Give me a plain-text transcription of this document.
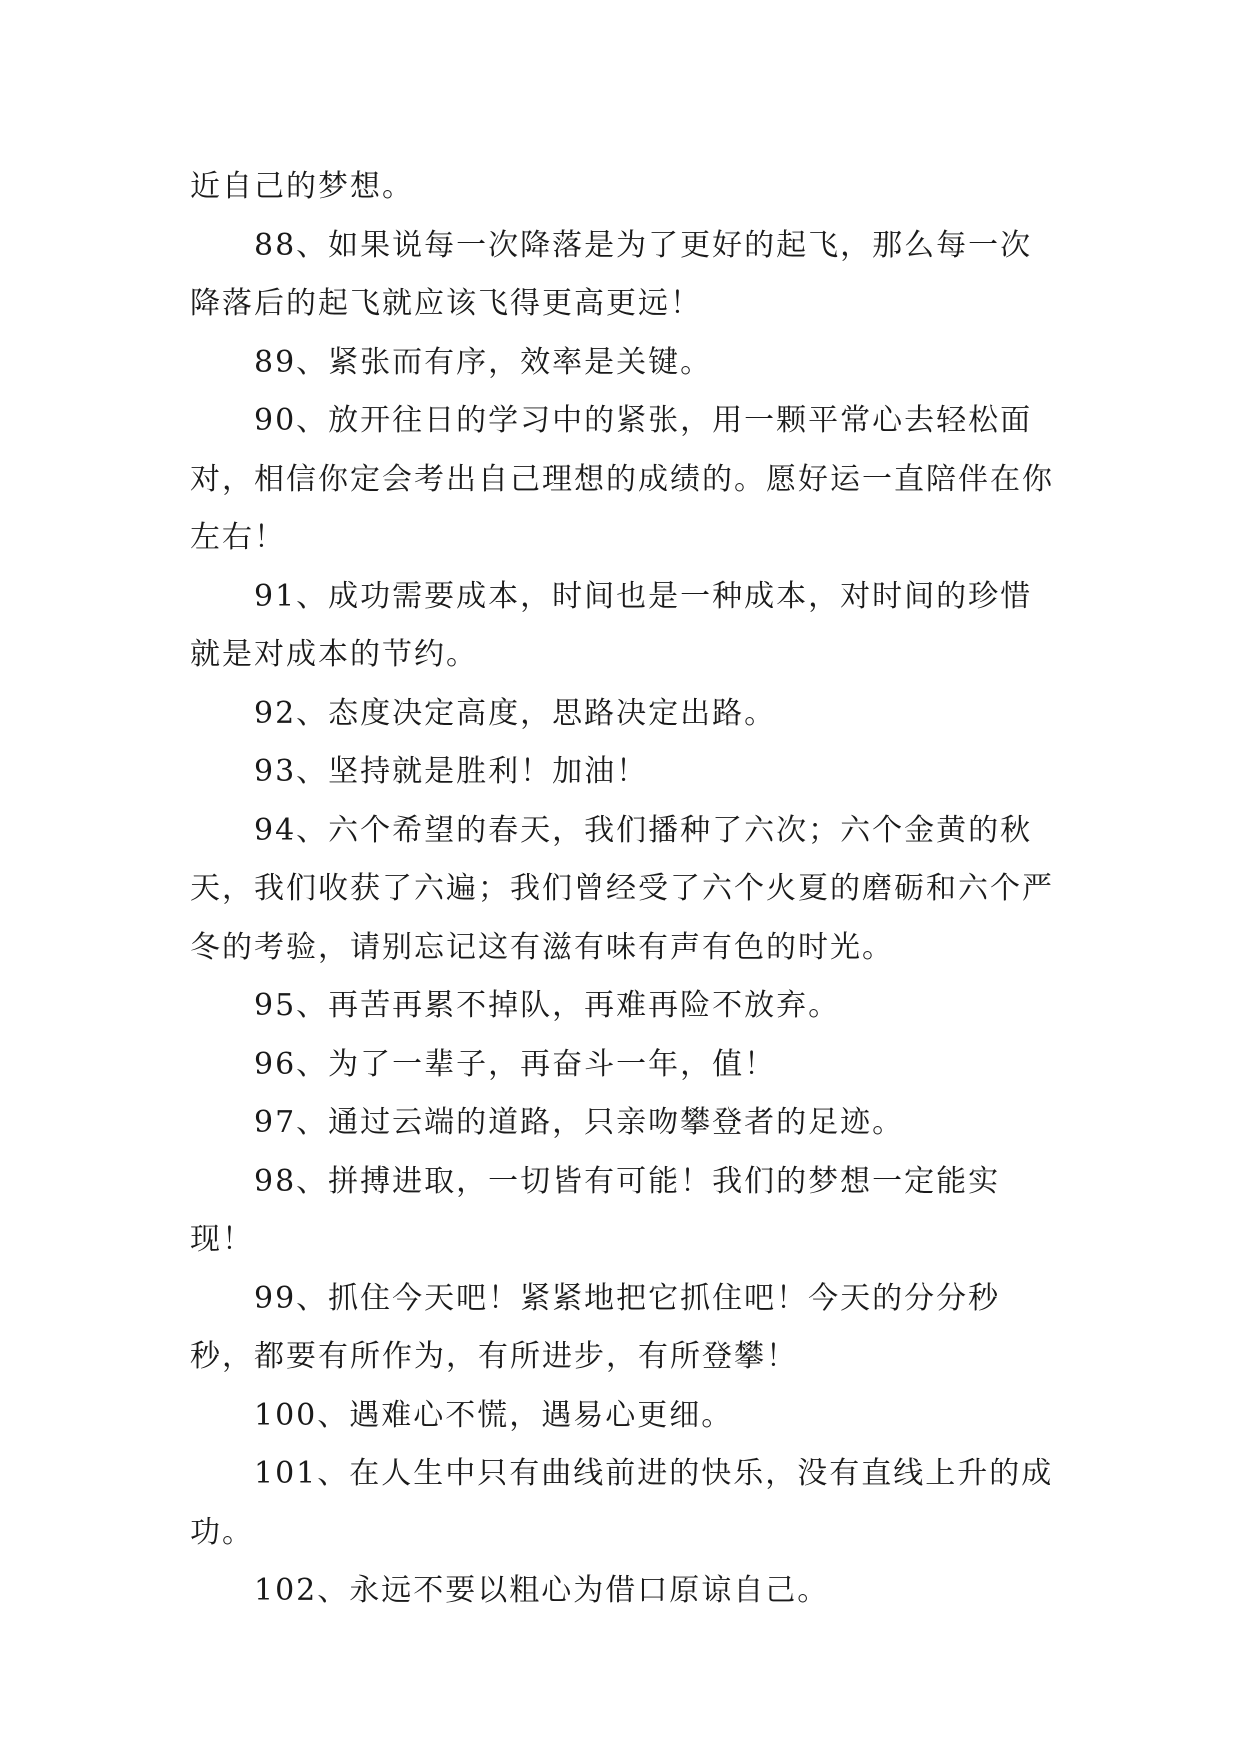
近自己的梦想。

88、如果说每一次降落是为了更好的起飞，那么每一次降落后的起飞就应该飞得更高更远！

89、紧张而有序，效率是关键。

90、放开往日的学习中的紧张，用一颗平常心去轻松面对，相信你定会考出自己理想的成绩的。愿好运一直陪伴在你左右！

91、成功需要成本，时间也是一种成本，对时间的珍惜就是对成本的节约。

92、态度决定高度，思路决定出路。

93、坚持就是胜利！加油！

94、六个希望的春天，我们播种了六次；六个金黄的秋天，我们收获了六遍；我们曾经受了六个火夏的磨砺和六个严冬的考验，请别忘记这有滋有味有声有色的时光。

95、再苦再累不掉队，再难再险不放弃。

96、为了一辈子，再奋斗一年，值！

97、通过云端的道路，只亲吻攀登者的足迹。

98、拼搏进取，一切皆有可能！我们的梦想一定能实现！

99、抓住今天吧！紧紧地把它抓住吧！今天的分分秒秒，都要有所作为，有所进步，有所登攀！

100、遇难心不慌，遇易心更细。

101、在人生中只有曲线前进的快乐，没有直线上升的成功。

102、永远不要以粗心为借口原谅自己。
